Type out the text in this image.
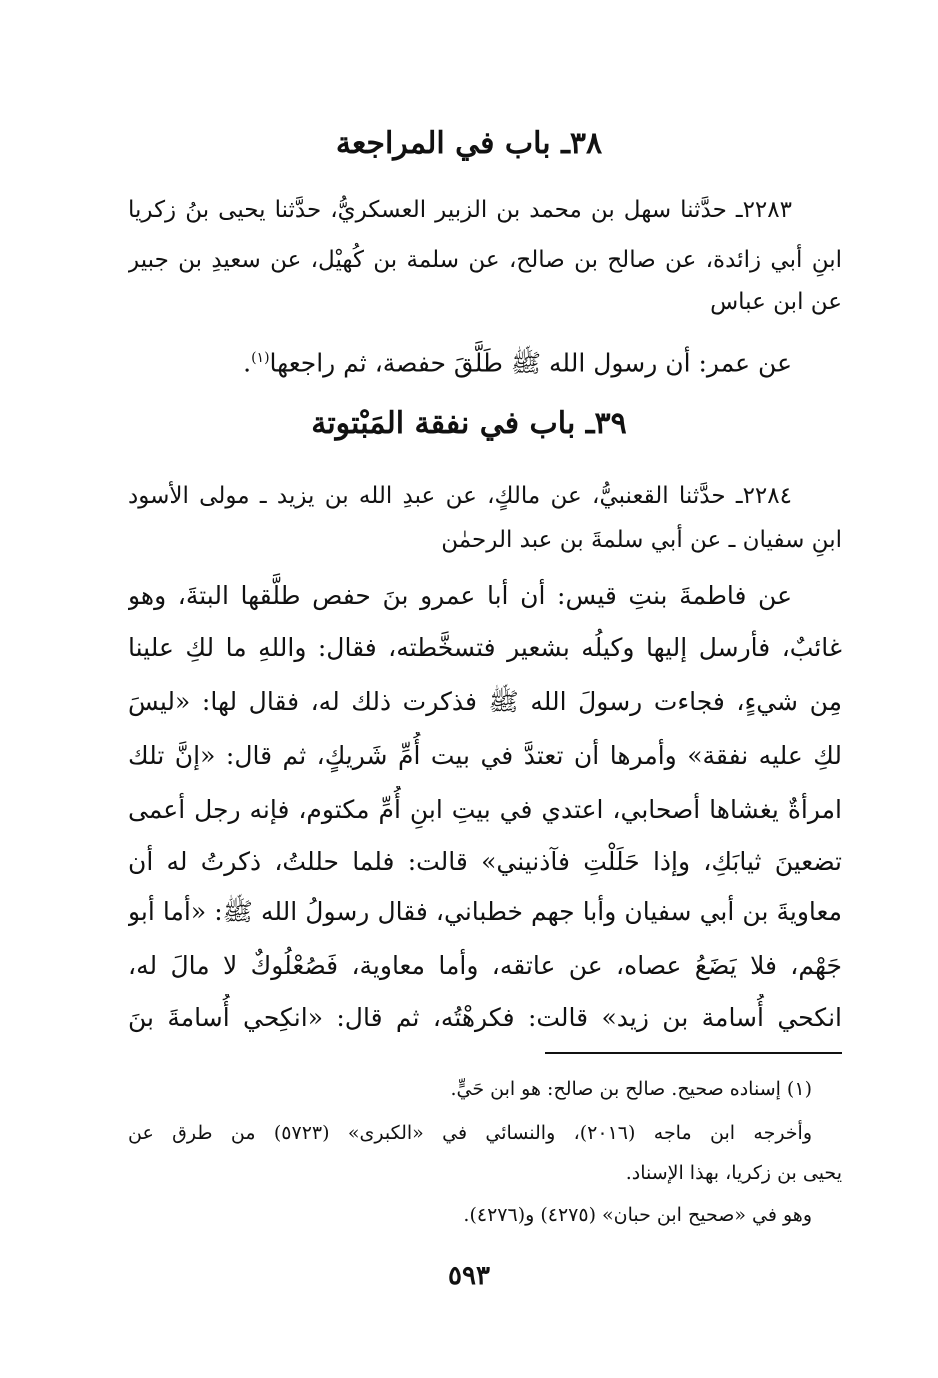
٣٨ـ باب في المراجعة
٢٢٨٣ـ حدَّثنا سهل بن محمد بن الزبير العسكريُّ، حدَّثنا يحيى بنُ زكريا
ابنِ أبي زائدة، عن صالح بن صالح، عن سلمة بن كُهيْل، عن سعيدِ بن جبير
عن ابن عباس
عن عمر: أن رسول الله ﷺ طَلَّقَ حفصة، ثم راجعها$^{(١)}$.
٣٩ـ باب في نفقة المَبْتوتة
٢٢٨٤ـ حدَّثنا القعنبيُّ، عن مالكٍ، عن عبدِ الله بن يزيد ـ مولى الأسود
ابنِ سفيان ـ عن أبي سلمةَ بن عبد الرحمٰن
عن فاطمةَ بنتِ قيس: أن أبا عمرو بنَ حفص طلَّقها البتةَ، وهو
غائبٌ، فأرسل إليها وكيلُه بشعير فتسخَّطته، فقال: واللهِ ما لكِ علينا
مِن شيءٍ، فجاءت رسولَ الله ﷺ فذكرت ذلك له، فقال لها: «ليسَ
لكِ عليه نفقة» وأمرها أن تعتدَّ في بيت أُمِّ شَريكٍ، ثم قال: «إنَّ تلك
امرأةٌ يغشاها أصحابي، اعتدي في بيتِ ابنِ أُمِّ مكتوم، فإنه رجل أعمى
تضعينَ ثيابَكِ، وإذا حَلَلْتِ فآذنيني» قالت: فلما حللتُ، ذكرتُ له أن
معاويةَ بن أبي سفيان وأبا جهم خطباني، فقال رسولُ الله ﷺ: «أما أبو
جَهْم، فلا يَضَعُ عصاه، عن عاتقه، وأما معاوية، فَصُعْلُوكٌ لا مالَ له،
انكحي أُسامة بن زيد» قالت: فكرهْتُه، ثم قال: «انكِحي أُسامةَ بنَ
(١) إسناده صحيح. صالح بن صالح: هو ابن حَيٍّ.
وأخرجه ابن ماجه (٢٠١٦)، والنسائي في «الكبرى» (٥٧٢٣) من طرق عن
يحيى بن زكريا، بهذا الإسناد.
وهو في «صحيح ابن حبان» (٤٢٧٥) و(٤٢٧٦).
٥٩٣
